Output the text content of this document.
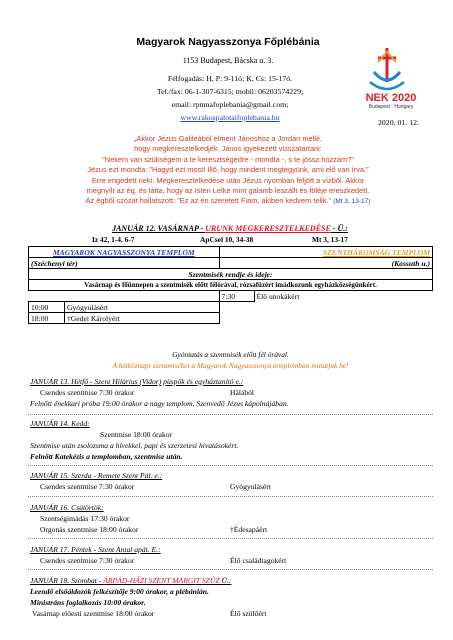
Magyarok Nagyasszonya Főplébánia
1153 Budapest, Bácska u. 3.
Félfogadás: H, P: 9-11ó; K, Cs: 15-17ó.
Tel./fax: 06-1-307-6315; mobil: 06203574229;
email: rpmnafoplebania@gmail.com;
www.rakospalotaifoplebania.hu
NEK 2020
Budapest · Hungary
2020. 01. 12.
„Akkor Jézus Galileából elment Jánoshoz a Jordán mellé,
hogy megkeresztelkedjék. János igyekezett visszatartani:
"Nekem van szükségem a te keresztségedre - mondta -, s te jössz hozzám?"
Jézus ezt mondta: "Hagyd ezt most! Illő, hogy mindent megtegyünk, ami elő van írva."
Erre engedett neki. Megkeresztelkedése után Jézus nyomban feljött a vízből. Akkor
megnyílt az ég, és látta, hogy az Isten Lelke mint galamb leszállt és föléje ereszkedett.
Az égből szózat hallatszott: "Ez az én szeretett Fiam, akiben kedvem telik." (Mt 3, 13-17)
JANUÁR 12. VASÁRNAP - URUNK MEGKERESZTELKEDÉSE - Ü.:
Iz 42, 1-4. 6-7	ApCsel 10, 34-38	Mt 3, 13-17
MAGYAROK NAGYASSZONYA TEMPLOM		SZENTHÁROMSÁG TEMPLOM	
(Széchenyi tér)		(Kossuth u.)	
Szentmisék rendje és ideje:			
Vasárnap és főünnepen a szentmisék előtt félórával, rózsafüzért imádkozunk egyházközségünkért.			
		7:30	Élő unokákért
10:00	Gyógyulásért		
18:00	†Gedei Károlyért		
Gyóntatás a szentmisék előtt fél órával.
A hétköznapi szentmiséket a Magyarok Nagyasszonya templomban mutatjuk be!
JANUÁR 13. Hétfő - Szent Hilárius (Vidor) püspök és egyháztanító e.:
Csendes szentmise 7:30 órakor	Hálából
Felnőtt énekkari próba 19:00 órakor a nagy templom, Szenvedő Jézus kápolnájában.
JANUÁR 14. Kedd:
Szentmise 18:00 órakor
Szentmise után zsolozsma a hívekkel, papi és szerzetesi hivatásokért.
Felnőtt Katekézis a templomban, szentmise után.
JANUÁR 15. Szerda - Remete Szent Pál. e.:
Csendes szentmise 7:30 órakor	Gyógyulásért
JANUÁR 16. Csütörtök:
Szentségimádás 17:30 órakor
Orgonás szentmise 18:00 órakor	†Édesapáért
JANUÁR 17. Péntek - Szent Antal apát. E.:
Csendes szentmise 7:30 órakor	Élő családtagokért
JANUÁR 18. Szombat - ÁRPÁD-HÁZI SZENT MARGIT SZŰZ Ü.:
Leendő elsőáldozók felkészítője 9:00 órakor, a plébánián.
Ministráns foglalkozás 10:00 órakor.
Vasárnap előesti szentmise 18:00 órakor	Élő szülőért
